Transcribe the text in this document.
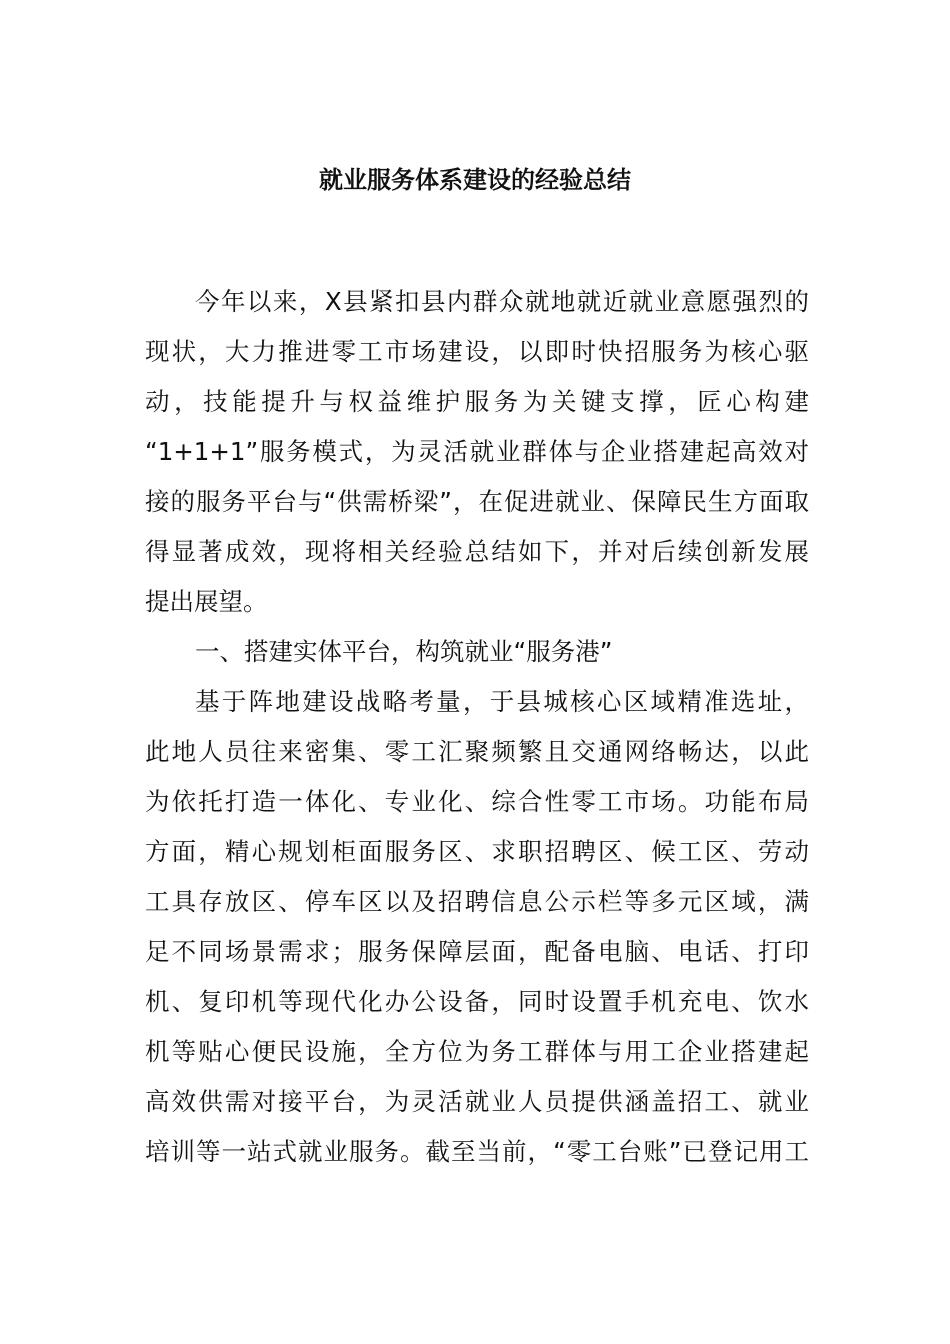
就业服务体系建设的经验总结
今年以来，X县紧扣县内群众就地就近就业意愿强烈的
现状，大力推进零工市场建设，以即时快招服务为核心驱
动，技能提升与权益维护服务为关键支撑，匠心构建
“1+1+1”服务模式，为灵活就业群体与企业搭建起高效对
接的服务平台与“供需桥梁”，在促进就业、保障民生方面取
得显著成效，现将相关经验总结如下，并对后续创新发展
提出展望。
一、搭建实体平台，构筑就业“服务港”
基于阵地建设战略考量，于县城核心区域精准选址，
此地人员往来密集、零工汇聚频繁且交通网络畅达，以此
为依托打造一体化、专业化、综合性零工市场。功能布局
方面，精心规划柜面服务区、求职招聘区、候工区、劳动
工具存放区、停车区以及招聘信息公示栏等多元区域，满
足不同场景需求；服务保障层面，配备电脑、电话、打印
机、复印机等现代化办公设备，同时设置手机充电、饮水
机等贴心便民设施，全方位为务工群体与用工企业搭建起
高效供需对接平台，为灵活就业人员提供涵盖招工、就业
培训等一站式就业服务。截至当前，“零工台账”已登记用工
